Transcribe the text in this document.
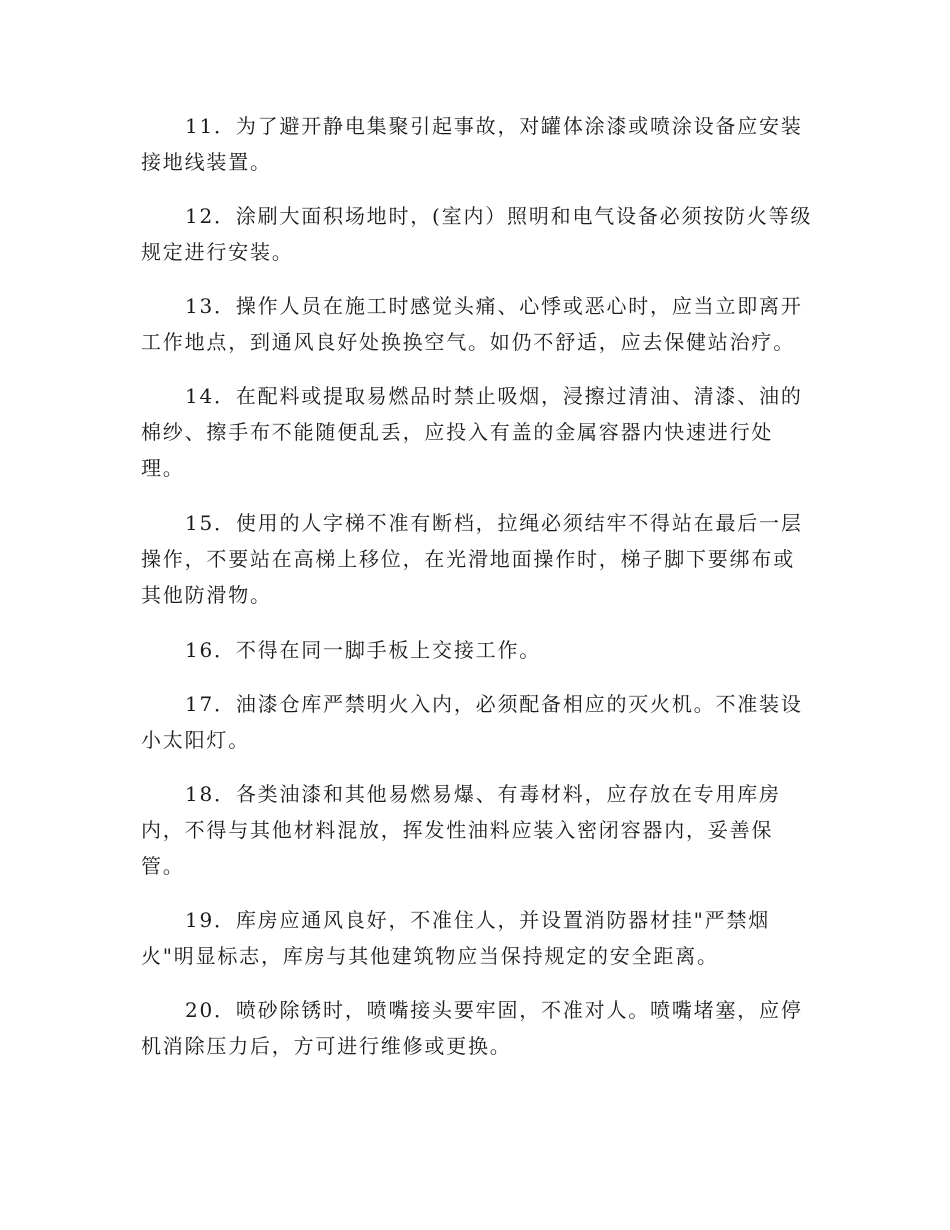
11．为了避开静电集聚引起事故，对罐体涂漆或喷涂设备应安装
接地线装置。
12．涂刷大面积场地时，(室内）照明和电气设备必须按防火等级
规定进行安装。
13．操作人员在施工时感觉头痛、心悸或恶心时，应当立即离开
工作地点，到通风良好处换换空气。如仍不舒适，应去保健站治疗。
14．在配料或提取易燃品时禁止吸烟，浸擦过清油、清漆、油的
棉纱、擦手布不能随便乱丢，应投入有盖的金属容器内快速进行处
理。
15．使用的人字梯不准有断档，拉绳必须结牢不得站在最后一层
操作，不要站在高梯上移位，在光滑地面操作时，梯子脚下要绑布或
其他防滑物。
16．不得在同一脚手板上交接工作。
17．油漆仓库严禁明火入内，必须配备相应的灭火机。不准装设
小太阳灯。
18．各类油漆和其他易燃易爆、有毒材料，应存放在专用库房
内，不得与其他材料混放，挥发性油料应装入密闭容器内，妥善保
管。
19．库房应通风良好，不准住人，并设置消防器材挂"严禁烟
火"明显标志，库房与其他建筑物应当保持规定的安全距离。
20．喷砂除锈时，喷嘴接头要牢固，不准对人。喷嘴堵塞，应停
机消除压力后，方可进行维修或更换。
